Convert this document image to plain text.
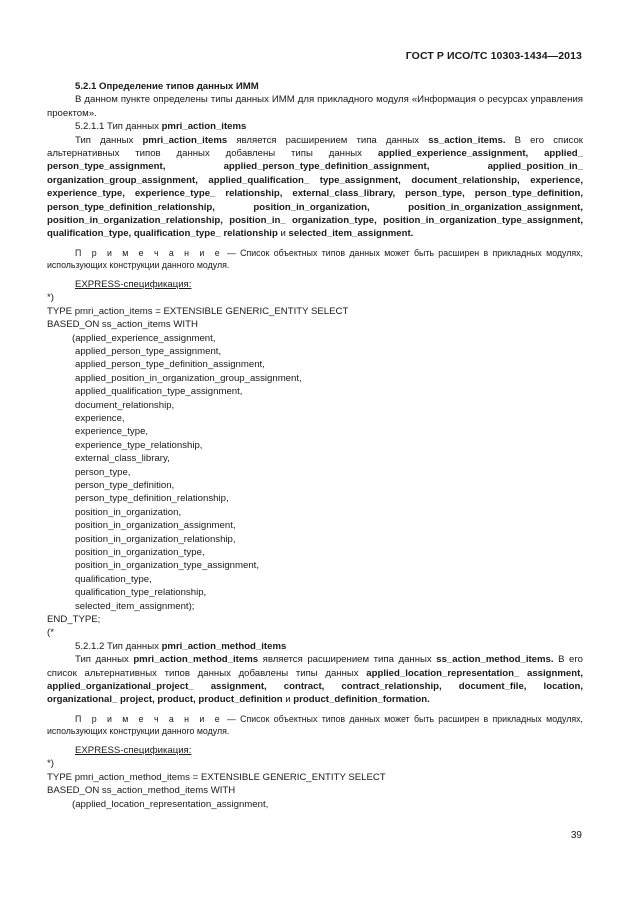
ГОСТ Р ИСО/ТС 10303-1434—2013

5.2.1 Определение типов данных ИММ

В данном пункте определены типы данных ИММ для прикладного модуля «Информация о ресурсах управления проектом».

5.2.1.1 Тип данных pmri_action_items

Тип данных pmri_action_items является расширением типа данных ss_action_items. В его список альтернативных типов данных добавлены типы данных applied_experience_assignment, applied_ person_type_assignment, applied_person_type_definition_assignment, applied_position_in_ organization_group_assignment, applied_qualification_ type_assignment, document_relationship, experience, experience_type, experience_type_ relationship, external_class_library, person_type, person_type_definition, person_type_definition_relationship, position_in_organization, position_in_organization_assignment, position_in_organization_relationship, position_in_ organization_type, position_in_organization_type_assignment, qualification_type, qualification_type_ relationship и selected_item_assignment.

П р и м е ч а н и е — Список объектных типов данных может быть расширен в прикладных модулях, использующих конструкции данного модуля.

EXPRESS-спецификация:

*)

TYPE pmri_action_items = EXTENSIBLE GENERIC_ENTITY SELECT

BASED_ON ss_action_items WITH

(applied_experience_assignment,

applied_person_type_assignment,

applied_person_type_definition_assignment,

applied_position_in_organization_group_assignment,

applied_qualification_type_assignment,

document_relationship,

experience,

experience_type,

experience_type_relationship,

external_class_library,

person_type,

person_type_definition,

person_type_definition_relationship,

position_in_organization,

position_in_organization_assignment,

position_in_organization_relationship,

position_in_organization_type,

position_in_organization_type_assignment,

qualification_type,

qualification_type_relationship,

selected_item_assignment);

END_TYPE;

(*

5.2.1.2 Тип данных pmri_action_method_items

Тип данных pmri_action_method_items является расширением типа данных ss_action_method_items. В его список альтернативных типов данных добавлены типы данных applied_location_representation_ assignment, applied_organizational_project_ assignment, contract, contract_relationship, document_file, location, organizational_ project, product, product_definition и product_definition_formation.

П р и м е ч а н и е — Список объектных типов данных может быть расширен в прикладных модулях, использующих конструкции данного модуля.

EXPRESS-спецификация:

*)

TYPE pmri_action_method_items = EXTENSIBLE GENERIC_ENTITY SELECT

BASED_ON ss_action_method_items WITH

(applied_location_representation_assignment,

39
